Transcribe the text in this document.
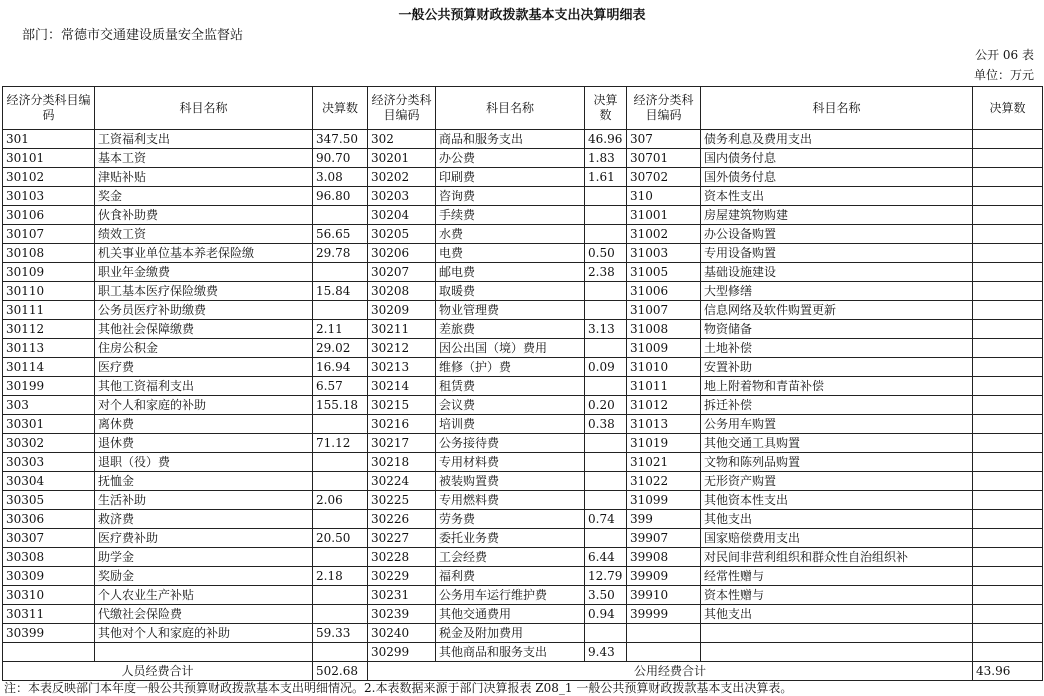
一般公共预算财政拨款基本支出决算明细表
部门：常德市交通建设质量安全监督站
公开 06 表
单位：万元
经济分类科目编码	科目名称	决算数	经济分类科目编码	科目名称	决算数	经济分类科目编码	科目名称	决算数
301	工资福利支出	347.50	302	商品和服务支出	46.96	307	债务利息及费用支出	
30101	基本工资	90.70	30201	办公费	1.83	30701	国内债务付息	
30102	津贴补贴	3.08	30202	印刷费	1.61	30702	国外债务付息	
30103	奖金	96.80	30203	咨询费		310	资本性支出	
30106	伙食补助费		30204	手续费		31001	房屋建筑物购建	
30107	绩效工资	56.65	30205	水费		31002	办公设备购置	
30108	机关事业单位基本养老保险缴	29.78	30206	电费	0.50	31003	专用设备购置	
30109	职业年金缴费		30207	邮电费	2.38	31005	基础设施建设	
30110	职工基本医疗保险缴费	15.84	30208	取暖费		31006	大型修缮	
30111	公务员医疗补助缴费		30209	物业管理费		31007	信息网络及软件购置更新	
30112	其他社会保障缴费	2.11	30211	差旅费	3.13	31008	物资储备	
30113	住房公积金	29.02	30212	因公出国（境）费用		31009	土地补偿	
30114	医疗费	16.94	30213	维修（护）费	0.09	31010	安置补助	
30199	其他工资福利支出	6.57	30214	租赁费		31011	地上附着物和青苗补偿	
303	对个人和家庭的补助	155.18	30215	会议费	0.20	31012	拆迁补偿	
30301	离休费		30216	培训费	0.38	31013	公务用车购置	
30302	退休费	71.12	30217	公务接待费		31019	其他交通工具购置	
30303	退职（役）费		30218	专用材料费		31021	文物和陈列品购置	
30304	抚恤金		30224	被装购置费		31022	无形资产购置	
30305	生活补助	2.06	30225	专用燃料费		31099	其他资本性支出	
30306	救济费		30226	劳务费	0.74	399	其他支出	
30307	医疗费补助	20.50	30227	委托业务费		39907	国家赔偿费用支出	
30308	助学金		30228	工会经费	6.44	39908	对民间非营利组织和群众性自治组织补	
30309	奖励金	2.18	30229	福利费	12.79	39909	经常性赠与	
30310	个人农业生产补贴		30231	公务用车运行维护费	3.50	39910	资本性赠与	
30311	代缴社会保险费		30239	其他交通费用	0.94	39999	其他支出	
30399	其他对个人和家庭的补助	59.33	30240	税金及附加费用				
			30299	其他商品和服务支出	9.43			
人员经费合计		502.68	公用经费合计					43.96
注：本表反映部门本年度一般公共预算财政拨款基本支出明细情况。2.本表数据来源于部门决算报表 Z08_1 一般公共预算财政拨款基本支出决算表。
